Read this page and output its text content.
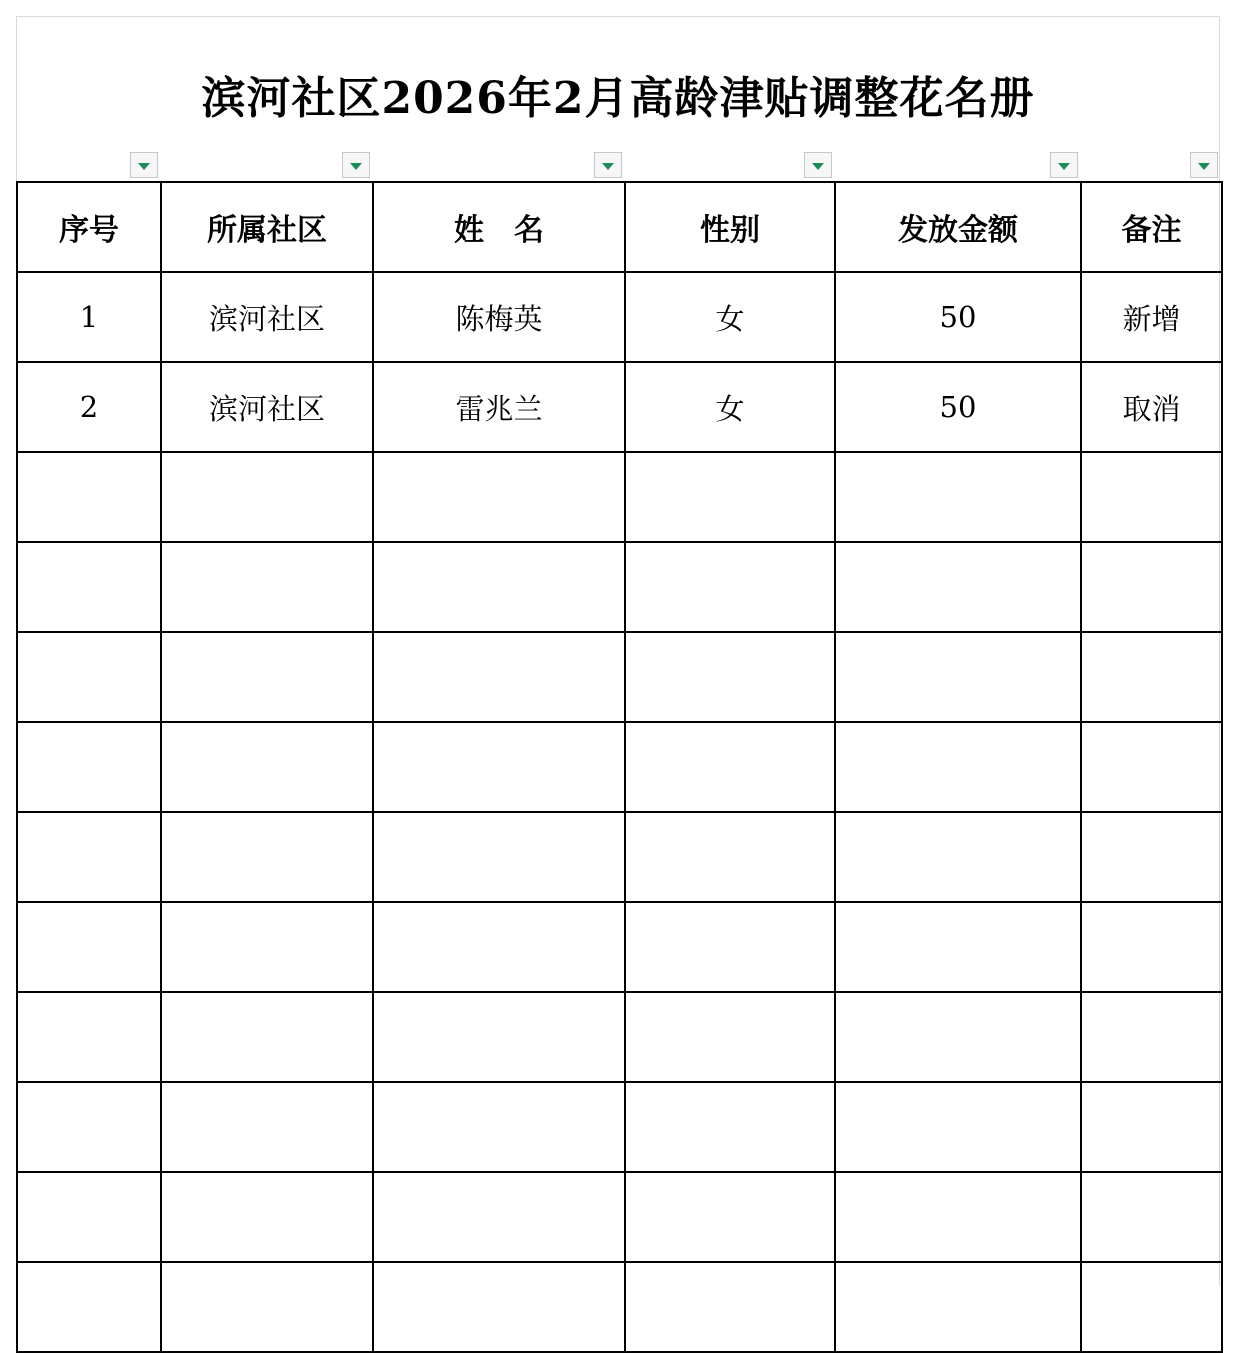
滨河社区2026年2月高龄津贴调整花名册
序号	所属社区	姓　名	性别	发放金额	备注
1	滨河社区	陈梅英	女	50	新增
2	滨河社区	雷兆兰	女	50	取消
